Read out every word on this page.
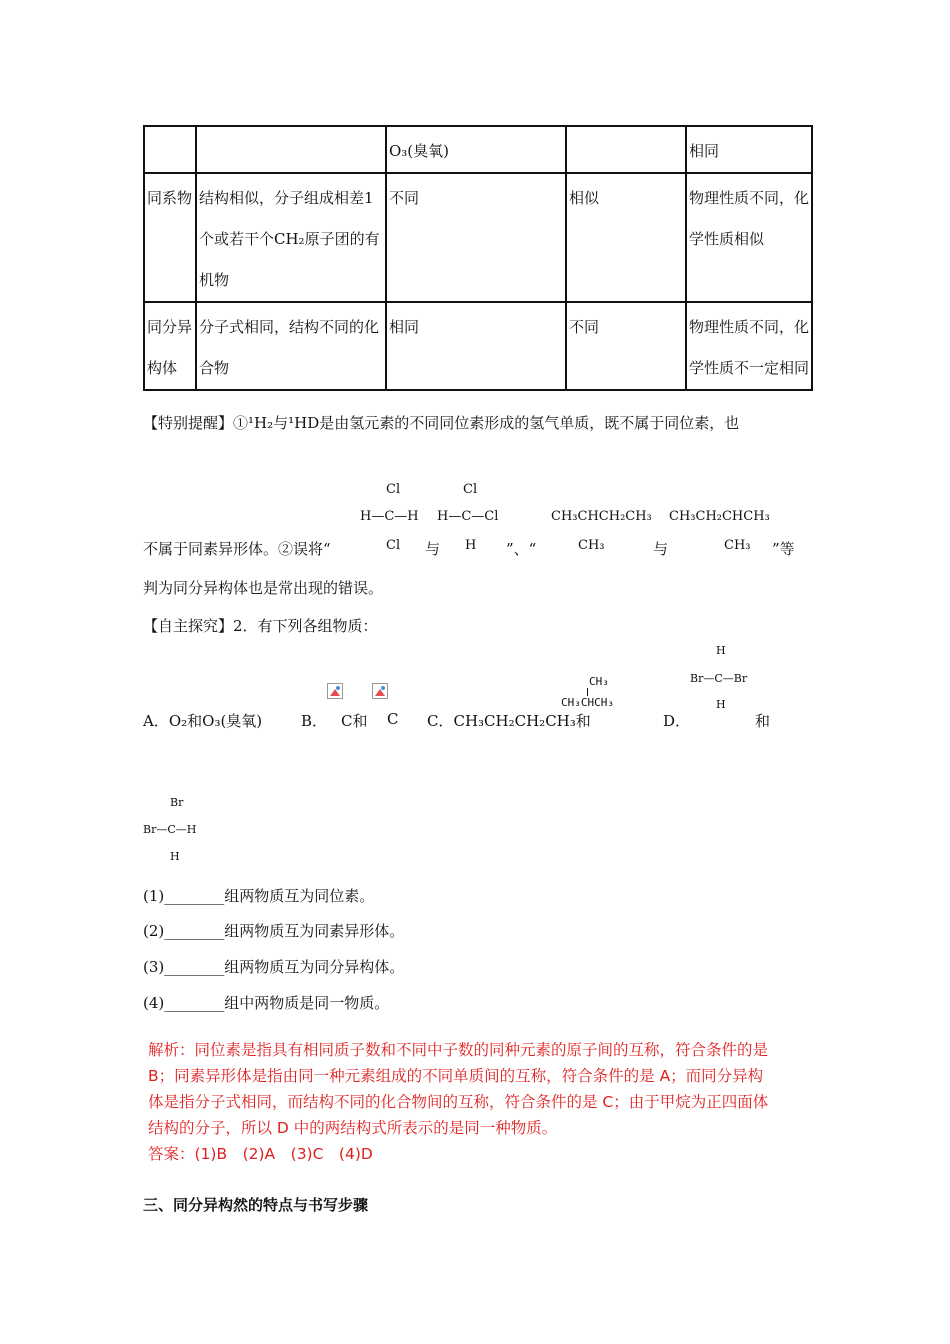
		O₃(臭氧)		相同
同系物	结构相似，分子组成相差1个或若干个CH₂原子团的有机物	不同	相似	物理性质不同，化学性质相似
同分异构体	分子式相同，结构不同的化合物	相同	不同	物理性质不同，化学性质不一定相同
【特别提醒】①¹H₂与¹HD是由氢元素的不同同位素形成的氢气单质，既不属于同位素，也
Cl
H—C—H
Cl
Cl
H—C—Cl
H
CH₃CHCH₂CH₃
CH₃
CH₃CH₂CHCH₃
CH₃
不属于同素异形体。②误将“	与	”、“	与	”等
判为同分异构体也是常出现的错误。
【自主探究】2．有下列各组物质：
A．O₂和O₃(臭氧)	B． C和 C C．CH₃CH₂CH₂CH₃和
CH₃
CH₃CHCH₃
D．
H
Br—C—Br
H
和
Br
Br—C—H
H
(1)________组两物质互为同位素。
(2)________组两物质互为同素异形体。
(3)________组两物质互为同分异构体。
(4)________组中两物质是同一物质。
解析：同位素是指具有相同质子数和不同中子数的同种元素的原子间的互称，符合条件的是
B；同素异形体是指由同一种元素组成的不同单质间的互称，符合条件的是 A；而同分异构
体是指分子式相同，而结构不同的化合物间的互称，符合条件的是 C；由于甲烷为正四面体
结构的分子，所以 D 中的两结构式所表示的是同一种物质。
答案：(1)B　(2)A　(3)C　(4)D
三、同分异构然的特点与书写步骤
